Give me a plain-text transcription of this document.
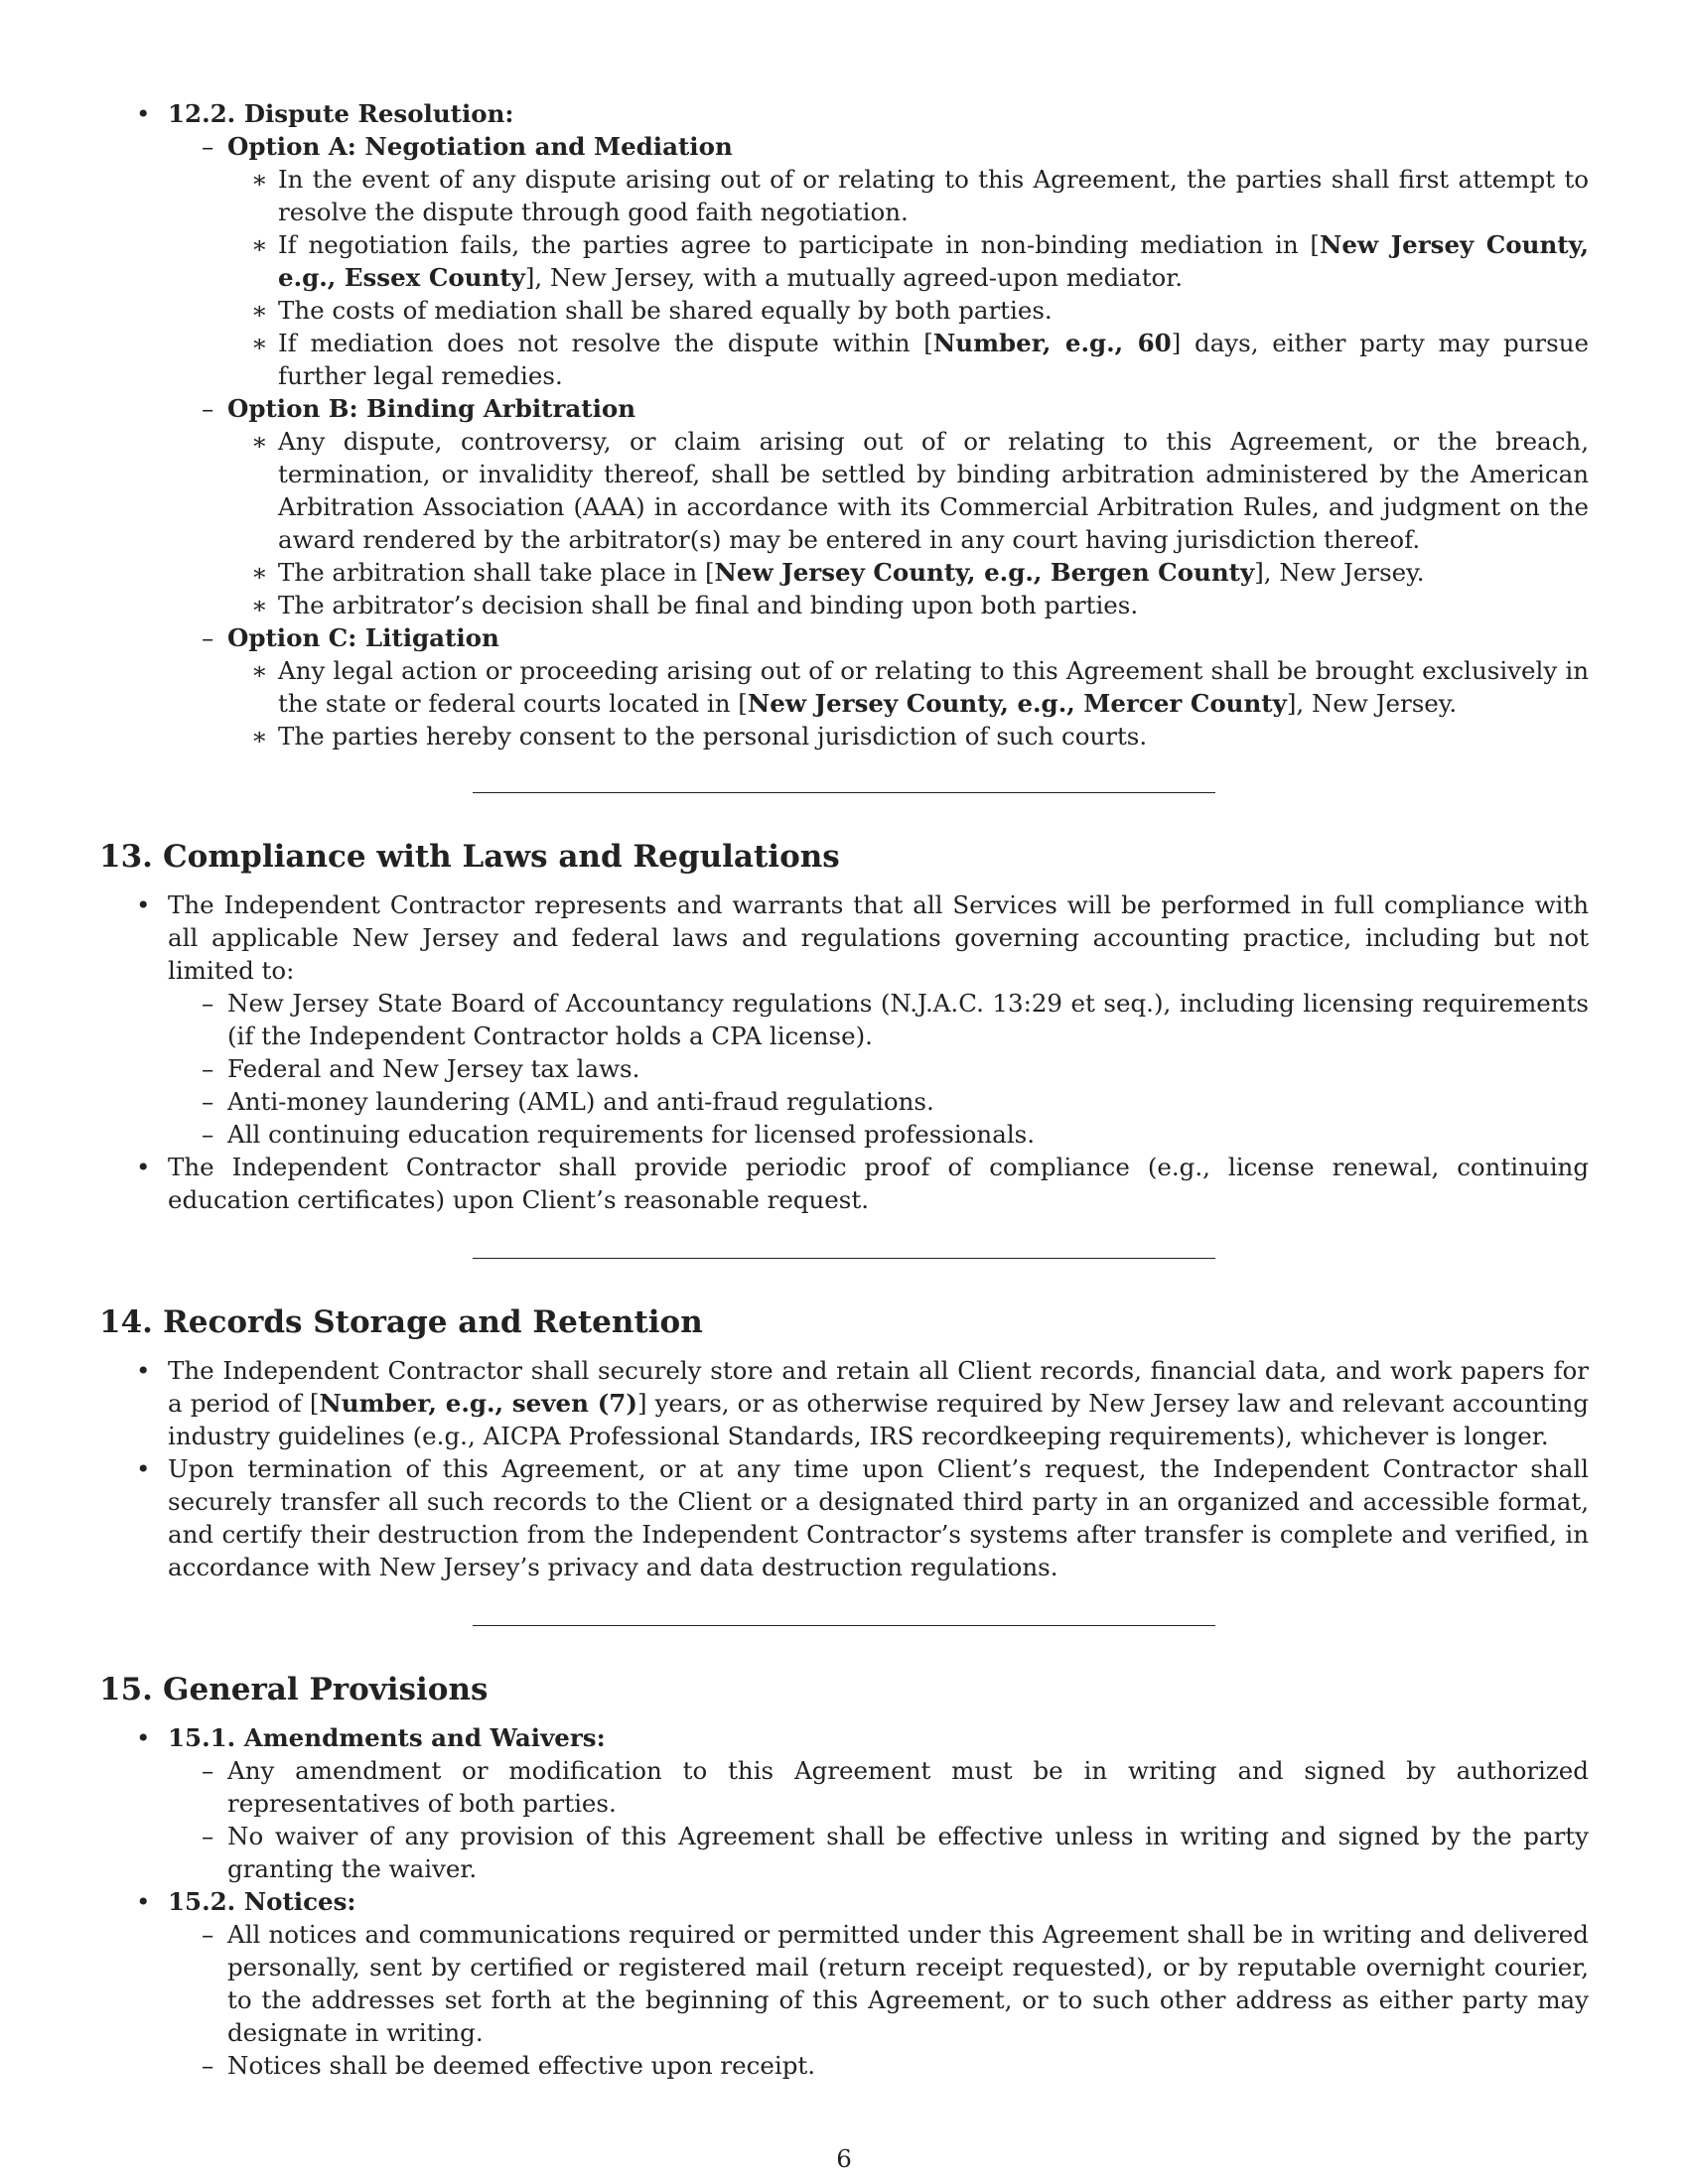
• 12.2. Dispute Resolution:
– Option A: Negotiation and Mediation
∗ In the event of any dispute arising out of or relating to this Agreement, the parties shall first attempt to resolve the dispute through good faith negotiation.
∗ If negotiation fails, the parties agree to participate in non-binding mediation in [New Jersey County, e.g., Essex County], New Jersey, with a mutually agreed-upon mediator.
∗ The costs of mediation shall be shared equally by both parties.
∗ If mediation does not resolve the dispute within [Number, e.g., 60] days, either party may pursue further legal remedies.
– Option B: Binding Arbitration
∗ Any dispute, controversy, or claim arising out of or relating to this Agreement, or the breach, termination, or invalidity thereof, shall be settled by binding arbitration administered by the American Arbitration Association (AAA) in accordance with its Commercial Arbitration Rules, and judgment on the award rendered by the arbitrator(s) may be entered in any court having jurisdiction thereof.
∗ The arbitration shall take place in [New Jersey County, e.g., Bergen County], New Jersey.
∗ The arbitrator’s decision shall be final and binding upon both parties.
– Option C: Litigation
∗ Any legal action or proceeding arising out of or relating to this Agreement shall be brought exclusively in the state or federal courts located in [New Jersey County, e.g., Mercer County], New Jersey.
∗ The parties hereby consent to the personal jurisdiction of such courts.
13. Compliance with Laws and Regulations
• The Independent Contractor represents and warrants that all Services will be performed in full compliance with all applicable New Jersey and federal laws and regulations governing accounting practice, including but not limited to:
– New Jersey State Board of Accountancy regulations (N.J.A.C. 13:29 et seq.), including licensing requirements (if the Independent Contractor holds a CPA license).
– Federal and New Jersey tax laws.
– Anti-money laundering (AML) and anti-fraud regulations.
– All continuing education requirements for licensed professionals.
• The Independent Contractor shall provide periodic proof of compliance (e.g., license renewal, continuing education certificates) upon Client’s reasonable request.
14. Records Storage and Retention
• The Independent Contractor shall securely store and retain all Client records, financial data, and work papers for a period of [Number, e.g., seven (7)] years, or as otherwise required by New Jersey law and relevant accounting industry guidelines (e.g., AICPA Professional Standards, IRS recordkeeping requirements), whichever is longer.
• Upon termination of this Agreement, or at any time upon Client’s request, the Independent Contractor shall securely transfer all such records to the Client or a designated third party in an organized and accessible format, and certify their destruction from the Independent Contractor’s systems after transfer is complete and verified, in accordance with New Jersey’s privacy and data destruction regulations.
15. General Provisions
• 15.1. Amendments and Waivers:
– Any amendment or modification to this Agreement must be in writing and signed by authorized representatives of both parties.
– No waiver of any provision of this Agreement shall be effective unless in writing and signed by the party granting the waiver.
• 15.2. Notices:
– All notices and communications required or permitted under this Agreement shall be in writing and delivered personally, sent by certified or registered mail (return receipt requested), or by reputable overnight courier, to the addresses set forth at the beginning of this Agreement, or to such other address as either party may designate in writing.
– Notices shall be deemed effective upon receipt.
6
